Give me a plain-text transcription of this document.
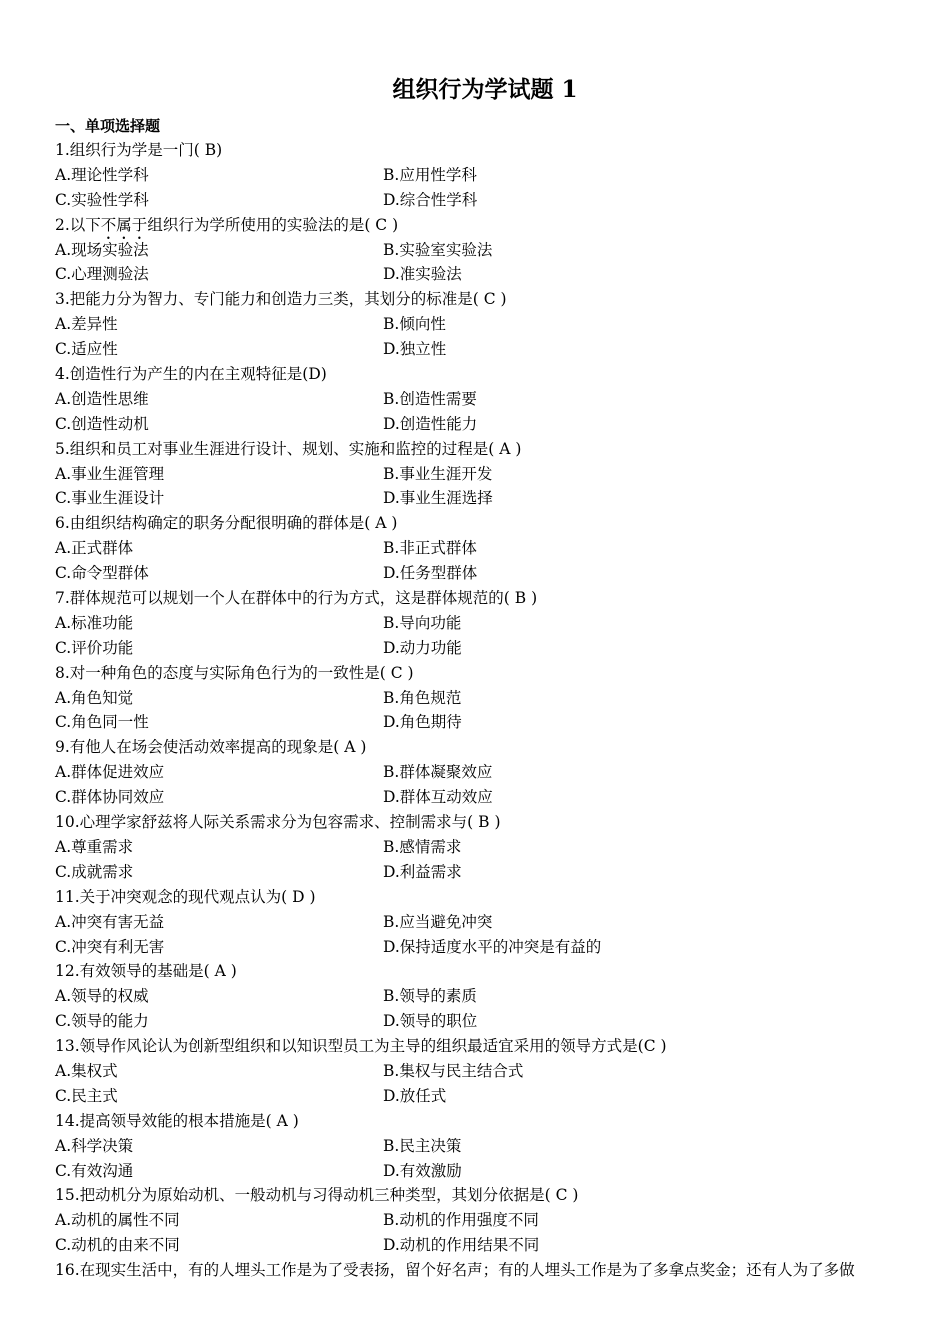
组织行为学试题 1
一、单项选择题
1.组织行为学是一门( B)
A.理论性学科	B.应用性学科
C.实验性学科	D.综合性学科
2.以下不属于组织行为学所使用的实验法的是( C )
A.现场实验法	B.实验室实验法
C.心理测验法	D.准实验法
3.把能力分为智力、专门能力和创造力三类，其划分的标准是( C )
A.差异性	B.倾向性
C.适应性	D.独立性
4.创造性行为产生的内在主观特征是(D)
A.创造性思维	B.创造性需要
C.创造性动机	D.创造性能力
5.组织和员工对事业生涯进行设计、规划、实施和监控的过程是( A )
A.事业生涯管理	B.事业生涯开发
C.事业生涯设计	D.事业生涯选择
6.由组织结构确定的职务分配很明确的群体是( A )
A.正式群体	B.非正式群体
C.命令型群体	D.任务型群体
7.群体规范可以规划一个人在群体中的行为方式，这是群体规范的( B )
A.标准功能	B.导向功能
C.评价功能	D.动力功能
8.对一种角色的态度与实际角色行为的一致性是( C )
A.角色知觉	B.角色规范
C.角色同一性	D.角色期待
9.有他人在场会使活动效率提高的现象是( A )
A.群体促进效应	B.群体凝聚效应
C.群体协同效应	D.群体互动效应
10.心理学家舒兹将人际关系需求分为包容需求、控制需求与( B )
A.尊重需求	B.感情需求
C.成就需求	D.利益需求
11.关于冲突观念的现代观点认为( D )
A.冲突有害无益	B.应当避免冲突
C.冲突有利无害	D.保持适度水平的冲突是有益的
12.有效领导的基础是( A )
A.领导的权威	B.领导的素质
C.领导的能力	D.领导的职位
13.领导作风论认为创新型组织和以知识型员工为主导的组织最适宜采用的领导方式是(C )
A.集权式	B.集权与民主结合式
C.民主式	D.放任式
14.提高领导效能的根本措施是( A )
A.科学决策	B.民主决策
C.有效沟通	D.有效激励
15.把动机分为原始动机、一般动机与习得动机三种类型，其划分依据是( C )
A.动机的属性不同	B.动机的作用强度不同
C.动机的由来不同	D.动机的作用结果不同
16.在现实生活中，有的人埋头工作是为了受表扬，留个好名声；有的人埋头工作是为了多拿点奖金；还有人为了多做
